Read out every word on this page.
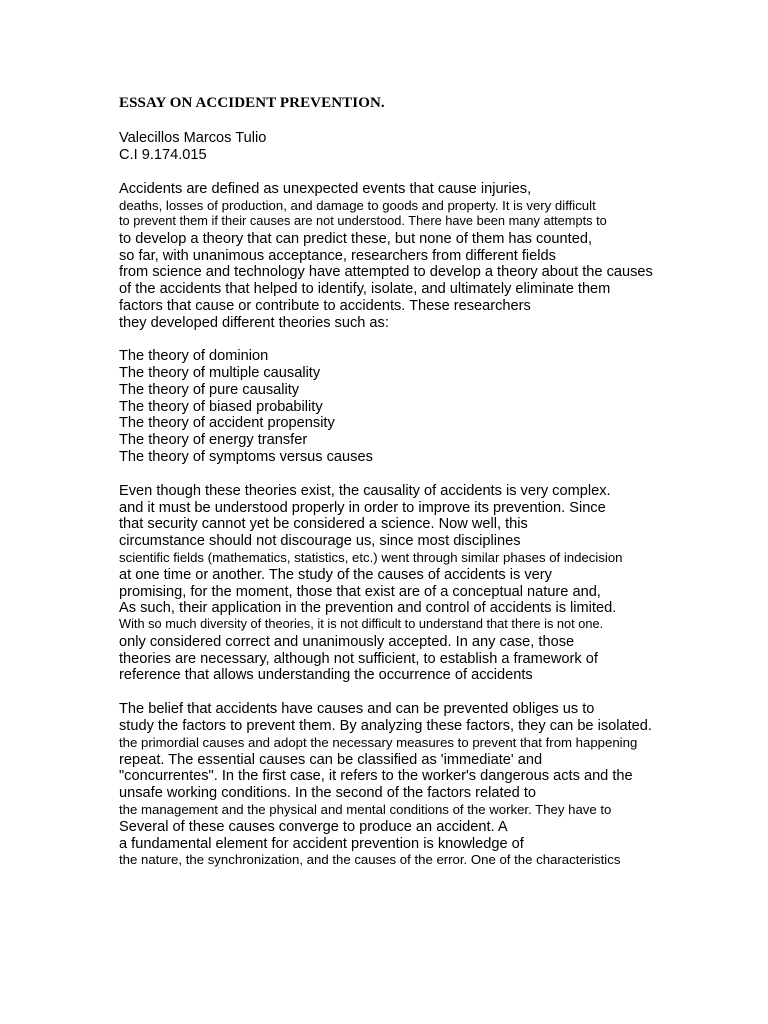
ESSAY ON ACCIDENT PREVENTION.
Valecillos Marcos Tulio
C.I 9.174.015
Accidents are defined as unexpected events that cause injuries,
deaths, losses of production, and damage to goods and property. It is very difficult
to prevent them if their causes are not understood. There have been many attempts to
to develop a theory that can predict these, but none of them has counted,
so far, with unanimous acceptance, researchers from different fields
from science and technology have attempted to develop a theory about the causes
of the accidents that helped to identify, isolate, and ultimately eliminate them
factors that cause or contribute to accidents. These researchers
they developed different theories such as:
The theory of dominion
The theory of multiple causality
The theory of pure causality
The theory of biased probability
The theory of accident propensity
The theory of energy transfer
The theory of symptoms versus causes
Even though these theories exist, the causality of accidents is very complex.
and it must be understood properly in order to improve its prevention. Since
that security cannot yet be considered a science. Now well, this
circumstance should not discourage us, since most disciplines
scientific fields (mathematics, statistics, etc.) went through similar phases of indecision
at one time or another. The study of the causes of accidents is very
promising, for the moment, those that exist are of a conceptual nature and,
As such, their application in the prevention and control of accidents is limited.
With so much diversity of theories, it is not difficult to understand that there is not one.
only considered correct and unanimously accepted. In any case, those
theories are necessary, although not sufficient, to establish a framework of
reference that allows understanding the occurrence of accidents
The belief that accidents have causes and can be prevented obliges us to
study the factors to prevent them. By analyzing these factors, they can be isolated.
the primordial causes and adopt the necessary measures to prevent that from happening
repeat. The essential causes can be classified as 'immediate' and
"concurrentes". In the first case, it refers to the worker's dangerous acts and the
unsafe working conditions. In the second of the factors related to
the management and the physical and mental conditions of the worker. They have to
Several of these causes converge to produce an accident. A
a fundamental element for accident prevention is knowledge of
the nature, the synchronization, and the causes of the error. One of the characteristics
